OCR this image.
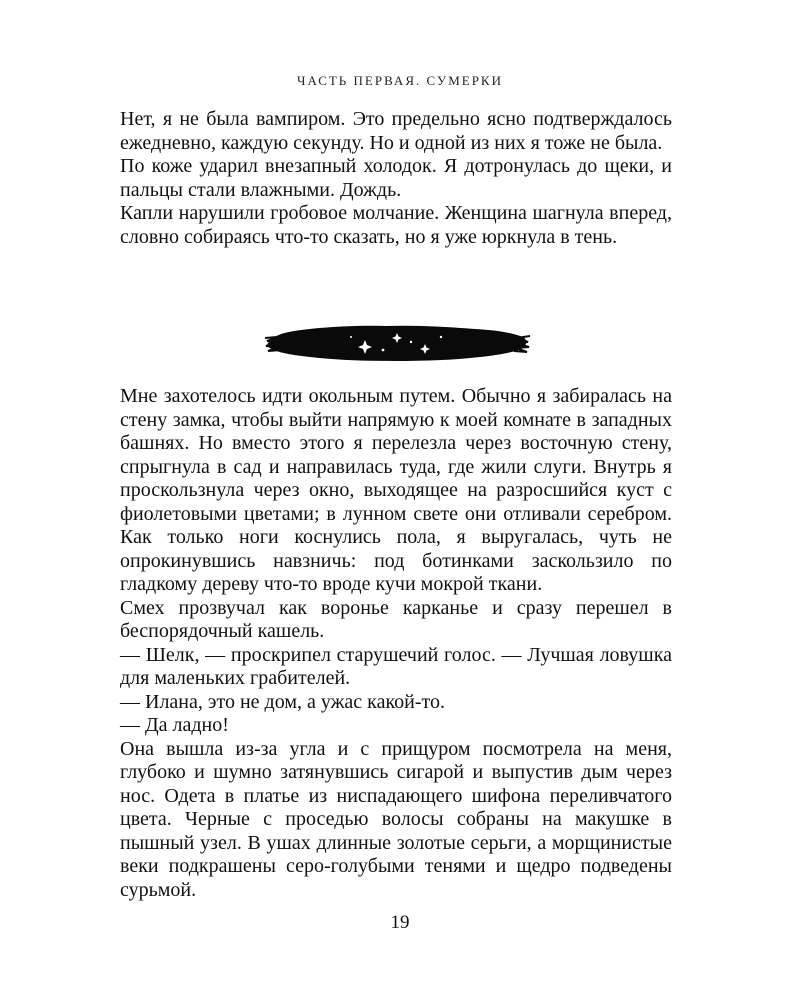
ЧАСТЬ ПЕРВАЯ. СУМЕРКИ

Нет, я не была вампиром. Это предельно ясно подтверждалось ежедневно, каждую секунду. Но и одной из них я тоже не была.

По коже ударил внезапный холодок. Я дотронулась до щеки, и пальцы стали влажными. Дождь.

Капли нарушили гробовое молчание. Женщина шагнула вперед, словно собираясь что-то сказать, но я уже юркнула в тень.

Мне захотелось идти окольным путем. Обычно я забиралась на стену замка, чтобы выйти напрямую к моей комнате в западных башнях. Но вместо этого я перелезла через восточную стену, спрыгнула в сад и направилась туда, где жили слуги. Внутрь я проскользнула через окно, выходящее на разросшийся куст с фиолетовыми цветами; в лунном свете они отливали серебром. Как только ноги коснулись пола, я выругалась, чуть не опрокинувшись навзничь: под ботинками заскользило по гладкому дереву что-то вроде кучи мокрой ткани.

Смех прозвучал как воронье карканье и сразу перешел в беспорядочный кашель.

— Шелк, — проскрипел старушечий голос. — Лучшая ловушка для маленьких грабителей.

— Илана, это не дом, а ужас какой-то.

— Да ладно!

Она вышла из-за угла и с прищуром посмотрела на меня, глубоко и шумно затянувшись сигарой и выпустив дым через нос. Одета в платье из ниспадающего шифона переливчатого цвета. Черные с проседью волосы собраны на макушке в пышный узел. В ушах длинные золотые серьги, а морщинистые веки подкрашены серо-голубыми тенями и щедро подведены сурьмой.

19
